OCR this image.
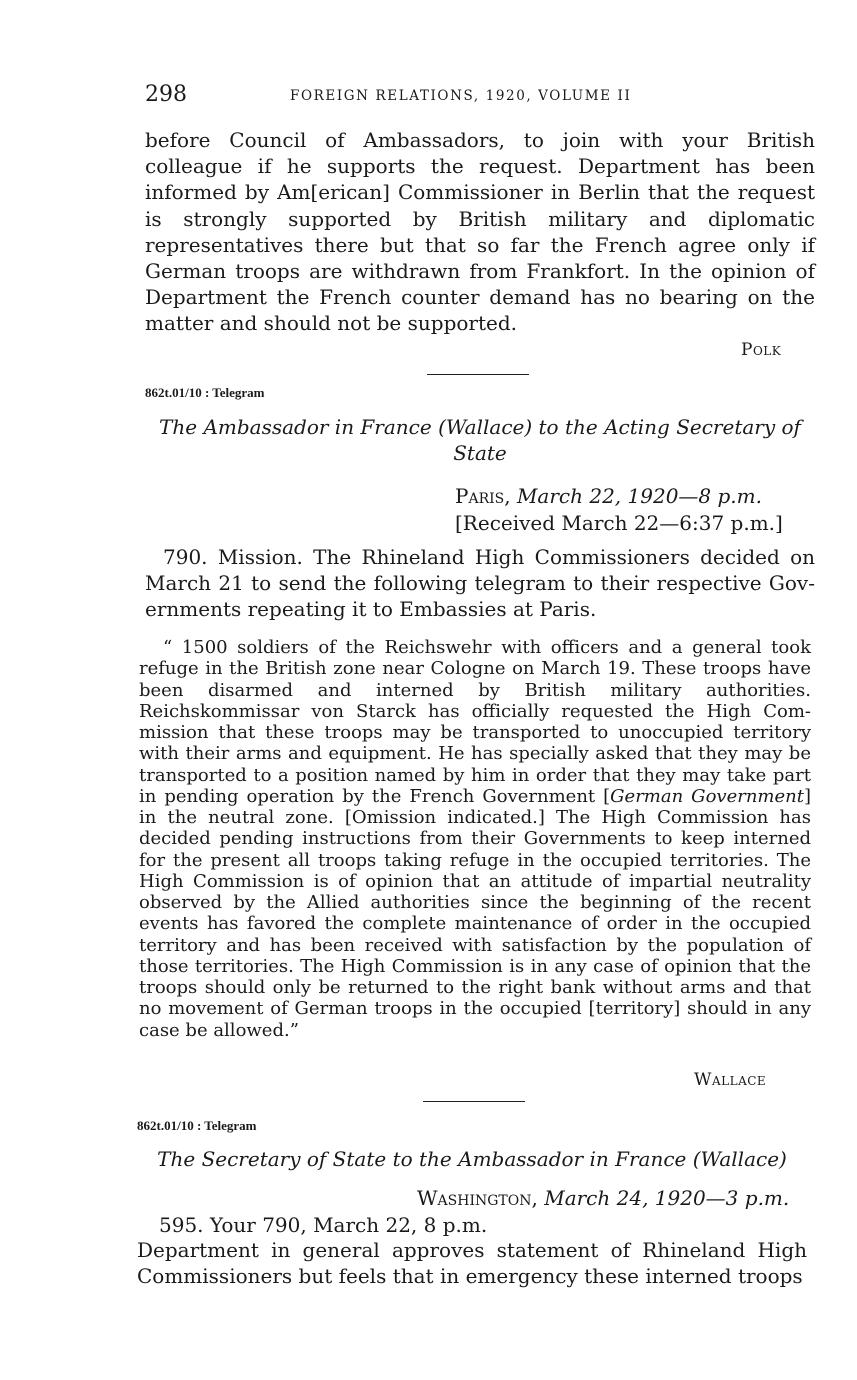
298	FOREIGN RELATIONS, 1920, VOLUME II
before Council of Ambassadors, to join with your British colleague if he supports the request. Department has been informed by Am[erican] Commissioner in Berlin that the request is strongly supported by British military and diplomatic representatives there but that so far the French agree only if German troops are withdrawn from Frankfort. In the opinion of Department the French counter demand has no bearing on the matter and should not be supported.
Polk
862t.01/10 : Telegram
The Ambassador in France (Wallace) to the Acting Secretary of State
Paris, March 22, 1920—8 p.m.
[Received March 22—6:37 p.m.]
790. Mission. The Rhineland High Commissioners decided on March 21 to send the following telegram to their respective Governments repeating it to Embassies at Paris.
“ 1500 soldiers of the Reichswehr with officers and a general took refuge in the British zone near Cologne on March 19. These troops have been disarmed and interned by British military authorities. Reichskommissar von Starck has officially requested the High Commission that these troops may be transported to unoccupied territory with their arms and equipment. He has specially asked that they may be transported to a position named by him in order that they may take part in pending operation by the French Government [German Government] in the neutral zone. [Omission indicated.] The High Commission has decided pending instructions from their Governments to keep interned for the present all troops taking refuge in the occupied territories. The High Commission is of opinion that an attitude of impartial neutrality observed by the Allied authorities since the beginning of the recent events has favored the complete maintenance of order in the occupied territory and has been received with satisfaction by the population of those territories. The High Commission is in any case of opinion that the troops should only be returned to the right bank without arms and that no movement of German troops in the occupied [territory] should in any case be allowed.”
Wallace
862t.01/10 : Telegram
The Secretary of State to the Ambassador in France (Wallace)
Washington, March 24, 1920—3 p.m.
595. Your 790, March 22, 8 p.m.
Department in general approves statement of Rhineland High Commissioners but feels that in emergency these interned troops
